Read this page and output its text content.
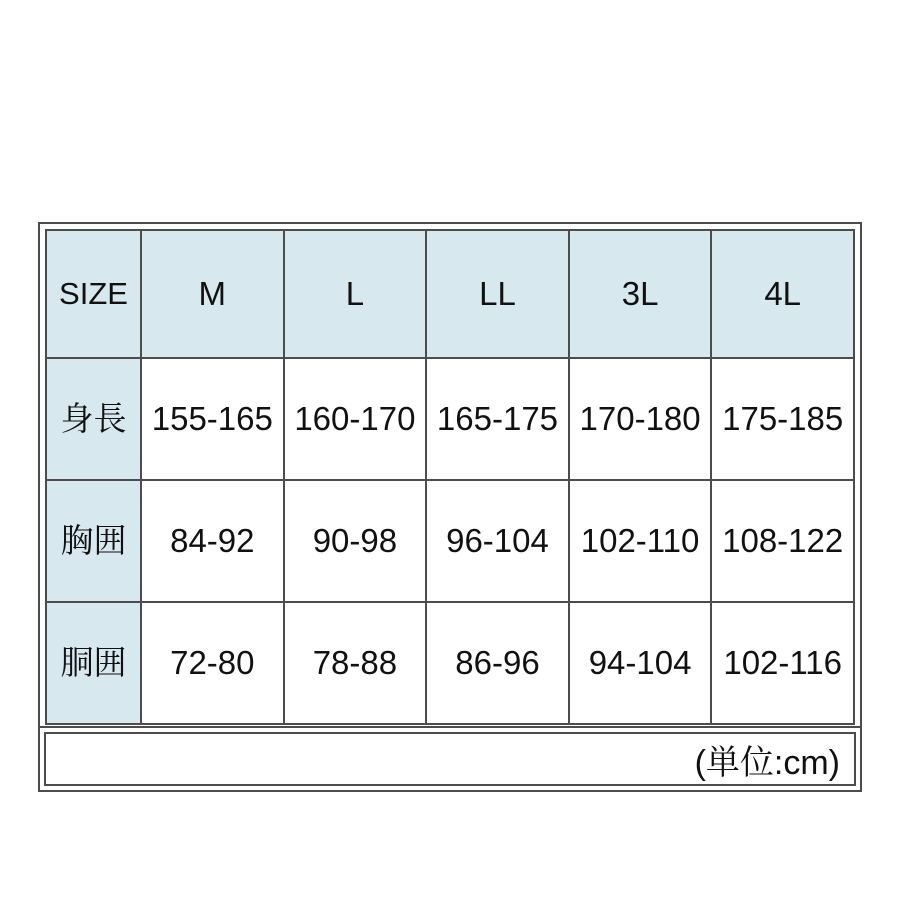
SIZE	M	L	LL	3L	4L
身長	155-165	160-170	165-175	170-180	175-185
胸囲	84-92	90-98	96-104	102-110	108-122
胴囲	72-80	78-88	86-96	94-104	102-116
(単位:cm)
